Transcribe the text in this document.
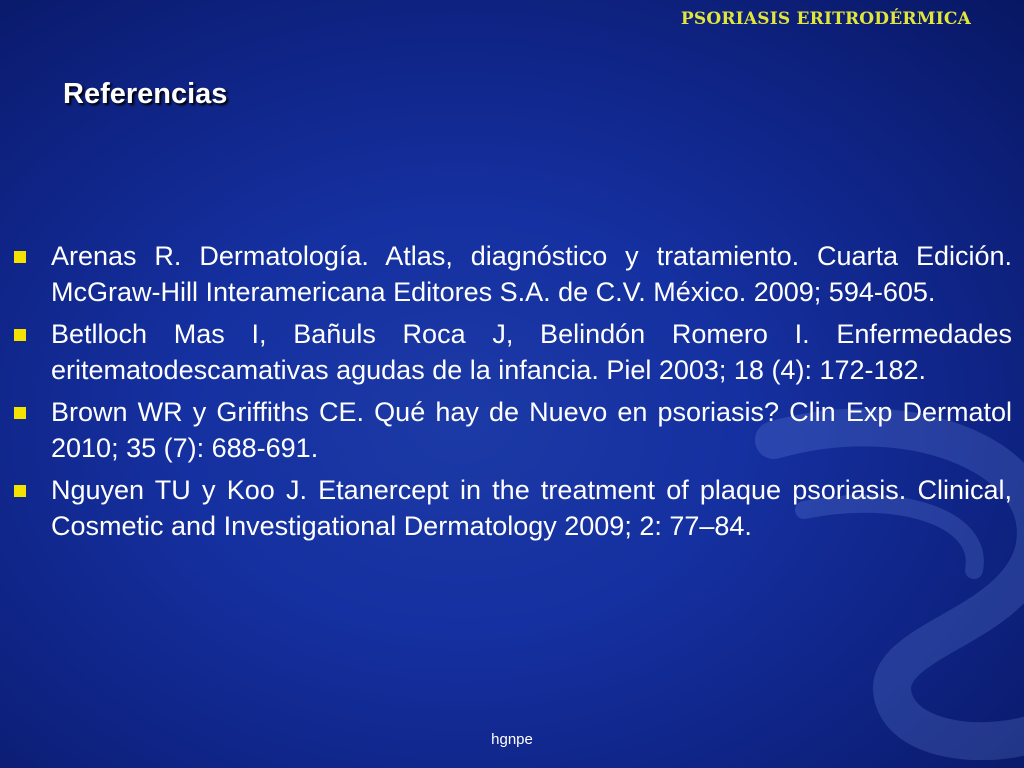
PSORIASIS ERITRODÉRMICA
Referencias
Arenas R. Dermatología. Atlas, diagnóstico y tratamiento. Cuarta Edición. McGraw-Hill Interamericana Editores S.A. de C.V. México. 2009; 594-605.
Betlloch Mas I, Bañuls Roca J, Belindón Romero I. Enfermedades eritematodescamativas agudas de la infancia. Piel 2003; 18 (4): 172-182.
Brown WR y Griffiths CE. Qué hay de Nuevo en psoriasis? Clin Exp Dermatol 2010; 35 (7): 688-691.
Nguyen TU y Koo J. Etanercept in the treatment of plaque psoriasis. Clinical, Cosmetic and Investigational Dermatology 2009; 2: 77–84.
hgnpe
